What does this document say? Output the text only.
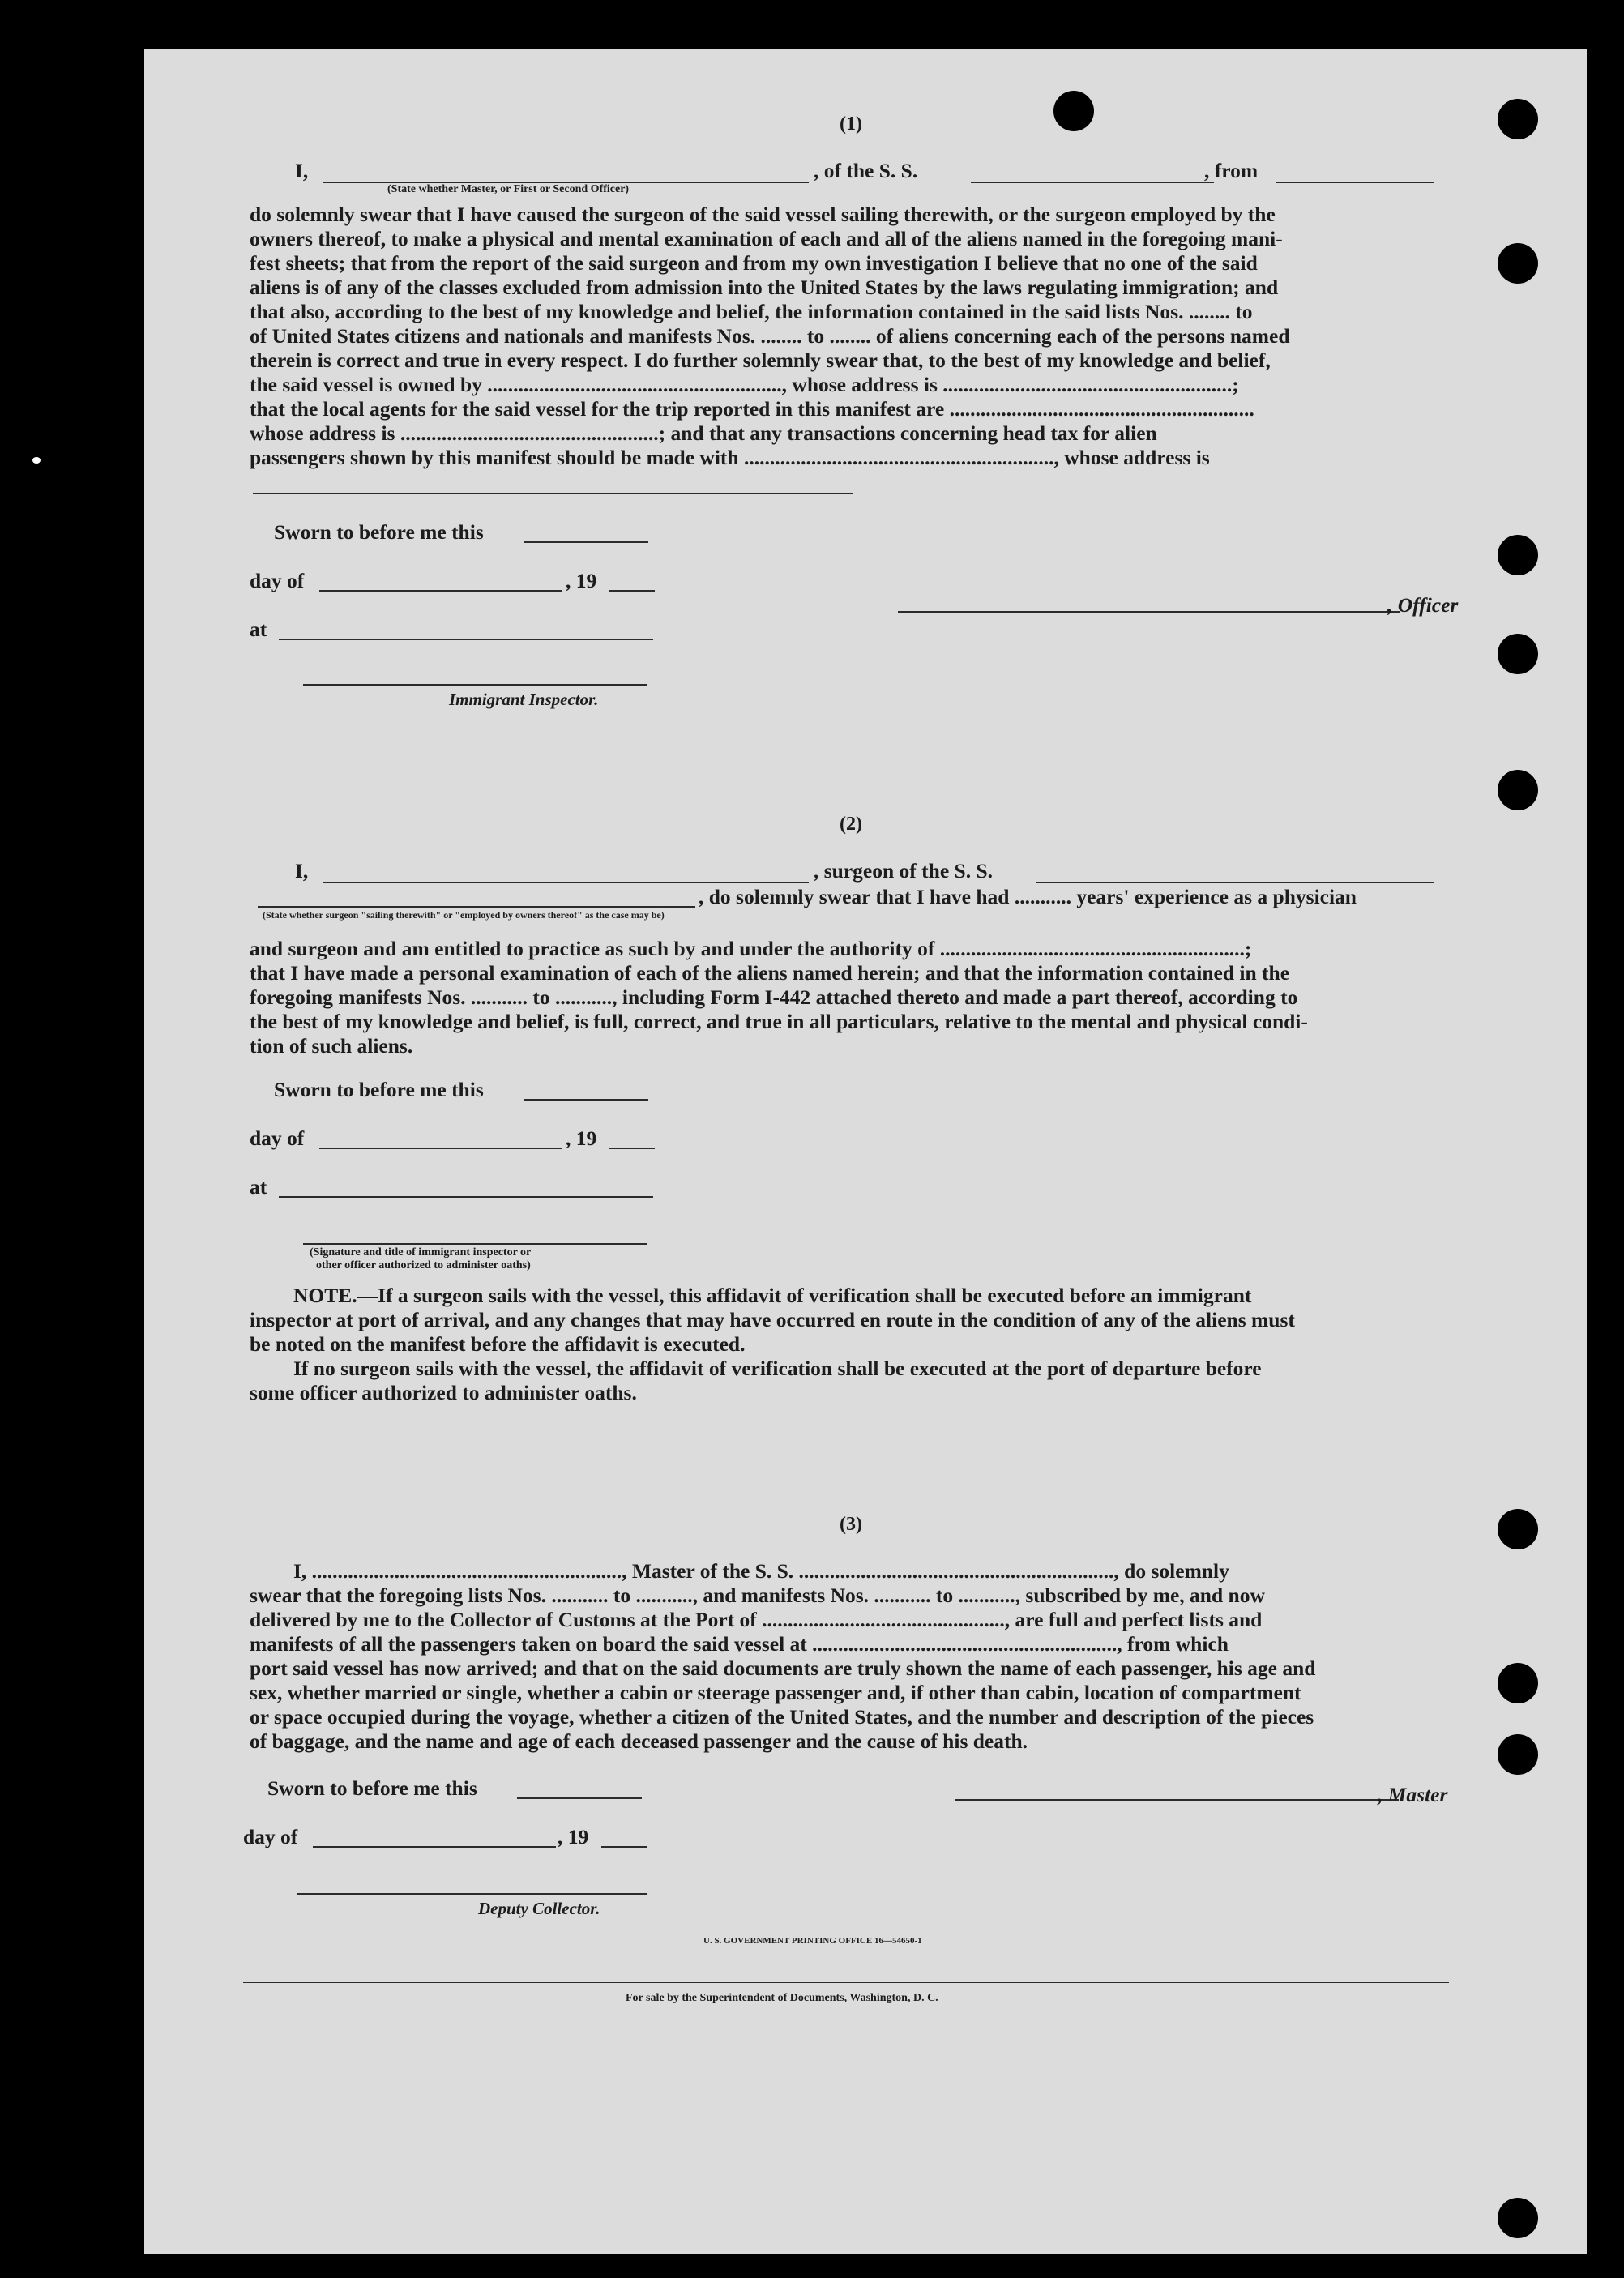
(1)
I,	, of the S. S.	, from
(State whether Master, or First or Second Officer)
do solemnly swear that I have caused the surgeon of the said vessel sailing therewith, or the surgeon employed by the
owners thereof, to make a physical and mental examination of each and all of the aliens named in the foregoing mani-
fest sheets; that from the report of the said surgeon and from my own investigation I believe that no one of the said
aliens is of any of the classes excluded from admission into the United States by the laws regulating immigration; and
that also, according to the best of my knowledge and belief, the information contained in the said lists Nos. ........ to
of United States citizens and nationals and manifests Nos. ........ to ........ of aliens concerning each of the persons named
therein is correct and true in every respect. I do further solemnly swear that, to the best of my knowledge and belief,
the said vessel is owned by ........................................................., whose address is ........................................................;
that the local agents for the said vessel for the trip reported in this manifest are ...........................................................
whose address is ..................................................; and that any transactions concerning head tax for alien
passengers shown by this manifest should be made with ............................................................, whose address is
Sworn to before me this
day of	, 19
, Officer
at
Immigrant Inspector.
(2)
I,	, surgeon of the S. S.
, do solemnly swear that I have had ........... years' experience as a physician
(State whether surgeon "sailing therewith" or "employed by owners thereof" as the case may be)
and surgeon and am entitled to practice as such by and under the authority of ...........................................................;
that I have made a personal examination of each of the aliens named herein; and that the information contained in the
foregoing manifests Nos. ........... to ..........., including Form I-442 attached thereto and made a part thereof, according to
the best of my knowledge and belief, is full, correct, and true in all particulars, relative to the mental and physical condi-
tion of such aliens.
Sworn to before me this
day of	, 19
at
(Signature and title of immigrant inspector or
other officer authorized to administer oaths)
NOTE.—If a surgeon sails with the vessel, this affidavit of verification shall be executed before an immigrant
inspector at port of arrival, and any changes that may have occurred en route in the condition of any of the aliens must
be noted on the manifest before the affidavit is executed.
If no surgeon sails with the vessel, the affidavit of verification shall be executed at the port of departure before
some officer authorized to administer oaths.
(3)
I, ............................................................, Master of the S. S. ............................................................., do solemnly
swear that the foregoing lists Nos. ........... to ..........., and manifests Nos. ........... to ..........., subscribed by me, and now
delivered by me to the Collector of Customs at the Port of ..............................................., are full and perfect lists and
manifests of all the passengers taken on board the said vessel at ..........................................................., from which
port said vessel has now arrived; and that on the said documents are truly shown the name of each passenger, his age and
sex, whether married or single, whether a cabin or steerage passenger and, if other than cabin, location of compartment
or space occupied during the voyage, whether a citizen of the United States, and the number and description of the pieces
of baggage, and the name and age of each deceased passenger and the cause of his death.
Sworn to before me this	, Master
day of	, 19
Deputy Collector.
U. S. GOVERNMENT PRINTING OFFICE 16—54650-1
For sale by the Superintendent of Documents, Washington, D. C.
